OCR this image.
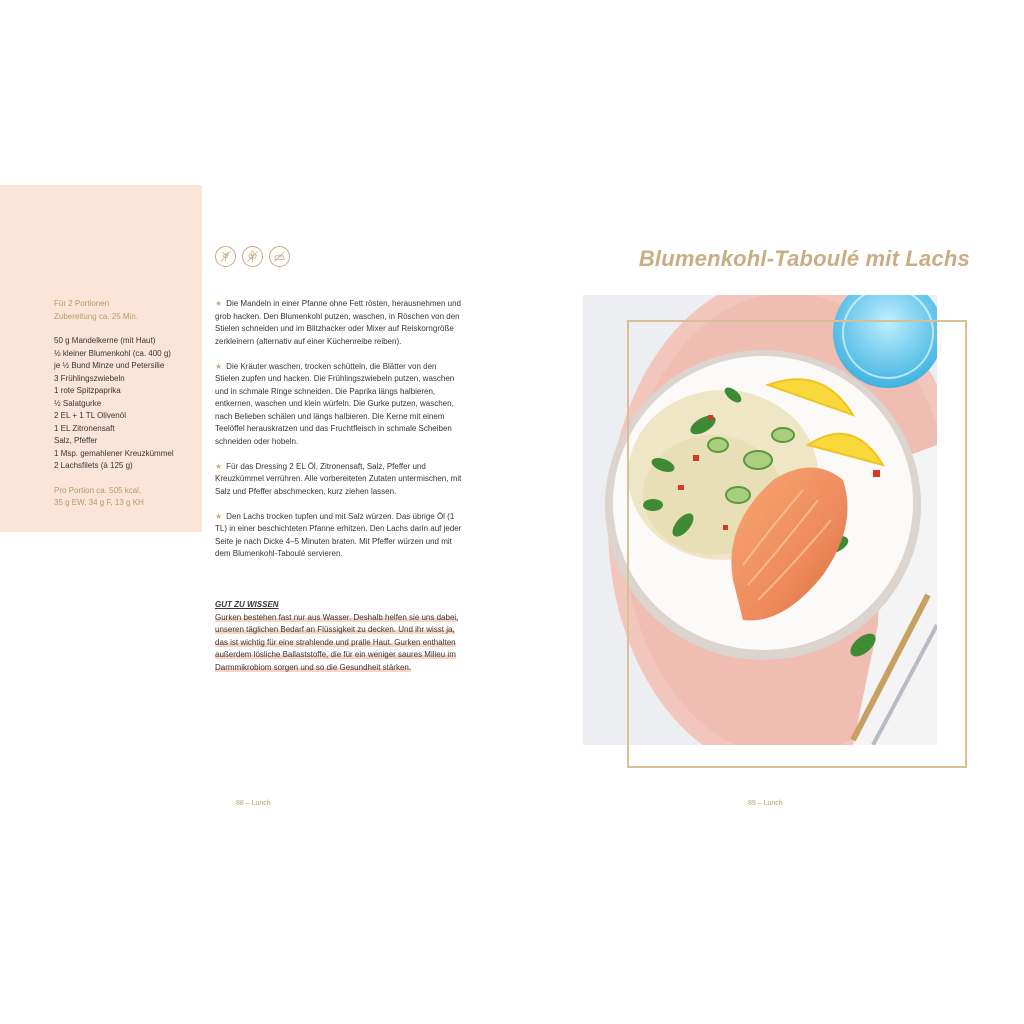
Für 2 Portionen

Zubereitung ca. 25 Min.

50 g Mandelkerne (mit Haut)
½ kleiner Blumenkohl (ca. 400 g)
je ½ Bund Minze und Petersilie
3 Frühlingszwiebeln
1 rote Spitzpaprika
½ Salatgurke
2 EL + 1 TL Olivenöl
1 EL Zitronensaft
Salz, Pfeffer
1 Msp. gemahlener Kreuzkümmel
2 Lachsfilets (à 125 g)

Pro Portion ca. 505 kcal,

35 g EW, 34 g F, 13 g KH

★ Die Mandeln in einer Pfanne ohne Fett rösten, herausnehmen und grob hacken. Den Blumenkohl putzen, waschen, in Röschen von den Stielen schneiden und im Blitzhacker oder Mixer auf Reiskorngröße zerkleinern (alternativ auf einer Küchenreibe reiben).

★ Die Kräuter waschen, trocken schütteln, die Blätter von den Stielen zupfen und hacken. Die Frühlingszwiebeln putzen, waschen und in schmale Ringe schneiden. Die Paprika längs halbieren, entkernen, waschen und klein würfeln. Die Gurke putzen, waschen, nach Belieben schälen und längs halbieren. Die Kerne mit einem Teelöffel herauskratzen und das Fruchtfleisch in schmale Scheiben schneiden oder hobeln.

★ Für das Dressing 2 EL Öl, Zitronensaft, Salz, Pfeffer und Kreuzkümmel verrühren. Alle vorbereiteten Zutaten untermischen, mit Salz und Pfeffer abschmecken, kurz ziehen lassen.

★ Den Lachs trocken tupfen und mit Salz würzen. Das übrige Öl (1 TL) in einer beschichteten Pfanne erhitzen. Den Lachs darin auf jeder Seite je nach Dicke 4–5 Minuten braten. Mit Pfeffer würzen und mit dem Blumenkohl-Taboulé servieren.

GUT ZU WISSEN

Gurken bestehen fast nur aus Wasser. Deshalb helfen sie uns dabei, unseren täglichen Bedarf an Flüssigkeit zu decken. Und ihr wisst ja, das ist wichtig für eine strahlende und pralle Haut. Gurken enthalten außerdem lösliche Ballaststoffe, die für ein weniger saures Milieu im Darmmikrobiom sorgen und so die Gesundheit stärken.

88 – Lunch
Blumenkohl-Taboulé mit Lachs
89 – Lunch
